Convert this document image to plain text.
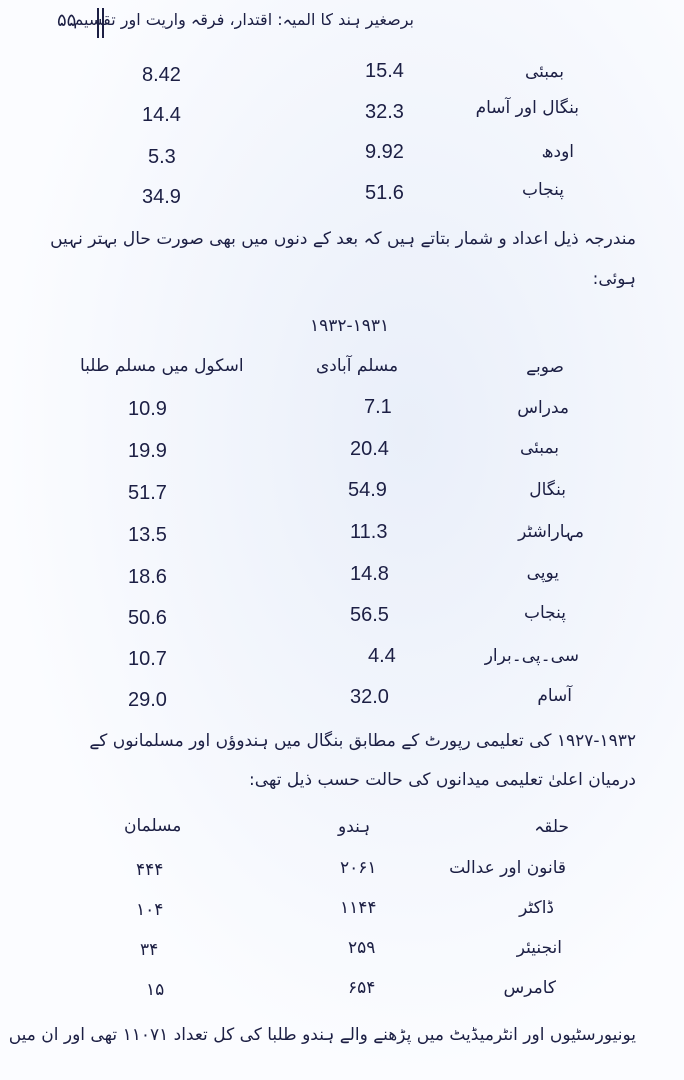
۵۵
برصغیر ہند کا المیہ: اقتدار، فرقہ واریت اور تقسیم
بمبئی
15.4
8.42
بنگال اور آسام
32.3
14.4
اودھ
9.92
5.3
پنجاب
51.6
34.9
مندرجہ ذیل اعداد و شمار بتاتے ہیں کہ بعد کے دنوں میں بھی صورت حال بہتر نہیں
ہوئی:
۱۹۳۲-۱۹۳۱
صوبے
مسلم آبادی
اسکول میں مسلم طلبا
مدراس
7.1
10.9
بمبئی
20.4
19.9
بنگال
54.9
51.7
مہاراشٹر
11.3
13.5
یوپی
14.8
18.6
پنجاب
56.5
50.6
سی۔پی۔برار
4.4
10.7
آسام
32.0
29.0
۱۹۲۷-۱۹۳۲ کی تعلیمی رپورٹ کے مطابق بنگال میں ہندوؤں اور مسلمانوں کے
درمیان اعلیٰ تعلیمی میدانوں کی حالت حسب ذیل تھی:
حلقہ
ہندو
مسلمان
قانون اور عدالت
۲۰۶۱
۴۴۴
ڈاکٹر
۱۱۴۴
۱۰۴
انجنیئر
۲۵۹
۳۴
کامرس
۶۵۴
۱۵
یونیورسٹیوں اور انٹرمیڈیٹ میں پڑھنے والے ہندو طلبا کی کل تعداد ۱۱۰۷۱ تھی اور ان میں
